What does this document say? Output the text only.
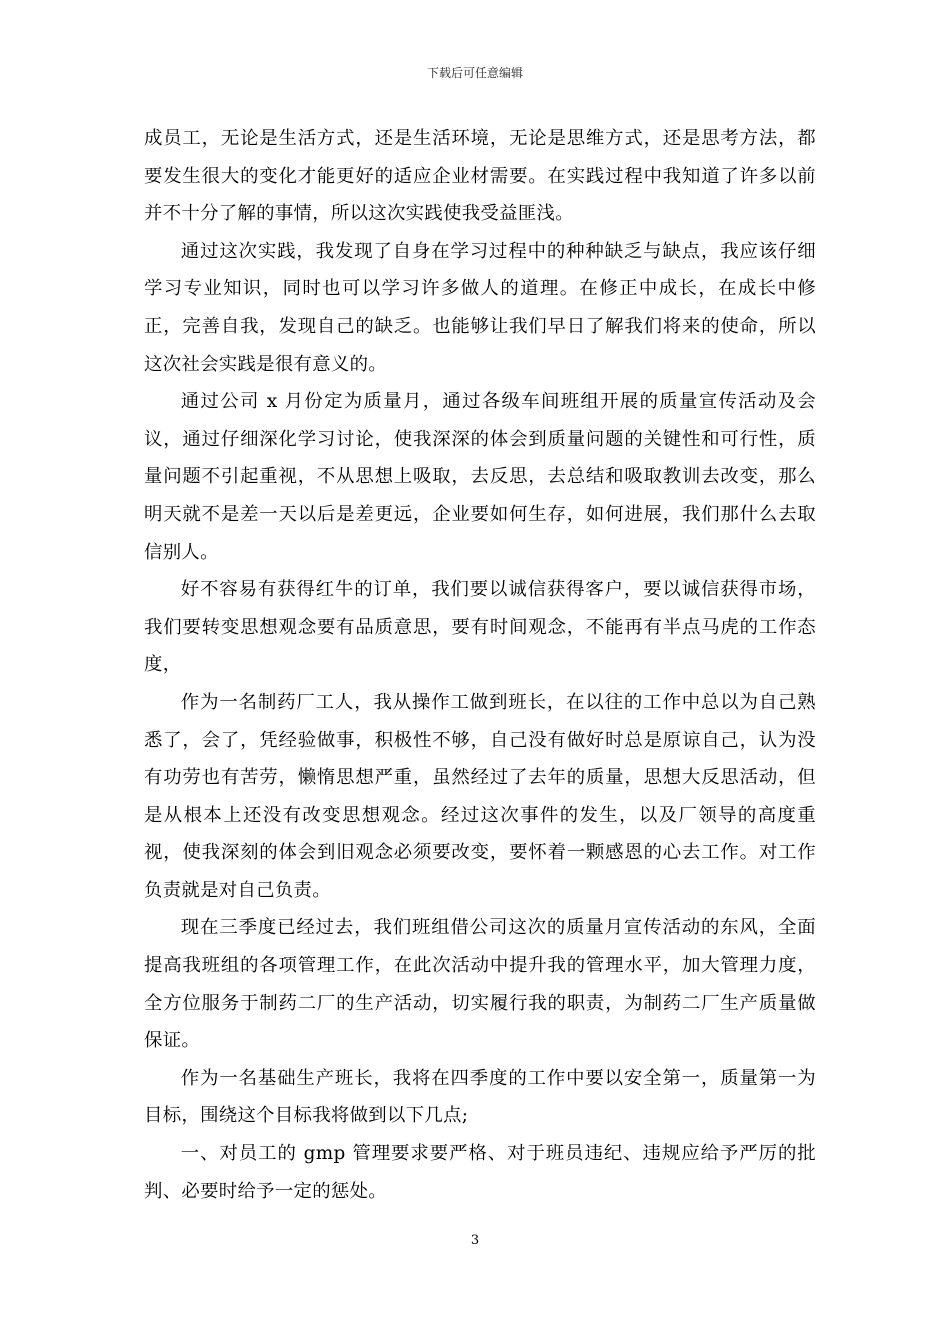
下载后可任意编辑

成员工，无论是生活方式，还是生活环境，无论是思维方式，还是思考方法，都要发生很大的变化才能更好的适应企业材需要。在实践过程中我知道了许多以前并不十分了解的事情，所以这次实践使我受益匪浅。

通过这次实践，我发现了自身在学习过程中的种种缺乏与缺点，我应该仔细学习专业知识，同时也可以学习许多做人的道理。在修正中成长，在成长中修正，完善自我，发现自己的缺乏。也能够让我们早日了解我们将来的使命，所以这次社会实践是很有意义的。

通过公司 x 月份定为质量月，通过各级车间班组开展的质量宣传活动及会议，通过仔细深化学习讨论，使我深深的体会到质量问题的关键性和可行性，质量问题不引起重视，不从思想上吸取，去反思，去总结和吸取教训去改变，那么明天就不是差一天以后是差更远，企业要如何生存，如何进展，我们那什么去取信别人。

好不容易有获得红牛的订单，我们要以诚信获得客户，要以诚信获得市场，我们要转变思想观念要有品质意思，要有时间观念，不能再有半点马虎的工作态度，

作为一名制药厂工人，我从操作工做到班长，在以往的工作中总以为自己熟悉了，会了，凭经验做事，积极性不够，自己没有做好时总是原谅自己，认为没有功劳也有苦劳，懒惰思想严重，虽然经过了去年的质量，思想大反思活动，但是从根本上还没有改变思想观念。经过这次事件的发生，以及厂领导的高度重视，使我深刻的体会到旧观念必须要改变，要怀着一颗感恩的心去工作。对工作负责就是对自己负责。

现在三季度已经过去，我们班组借公司这次的质量月宣传活动的东风，全面提高我班组的各项管理工作，在此次活动中提升我的管理水平，加大管理力度，全方位服务于制药二厂的生产活动，切实履行我的职责，为制药二厂生产质量做保证。

作为一名基础生产班长，我将在四季度的工作中要以安全第一，质量第一为目标，围绕这个目标我将做到以下几点;

一、对员工的 gmp 管理要求要严格、对于班员违纪、违规应给予严厉的批判、必要时给予一定的惩处。

3
